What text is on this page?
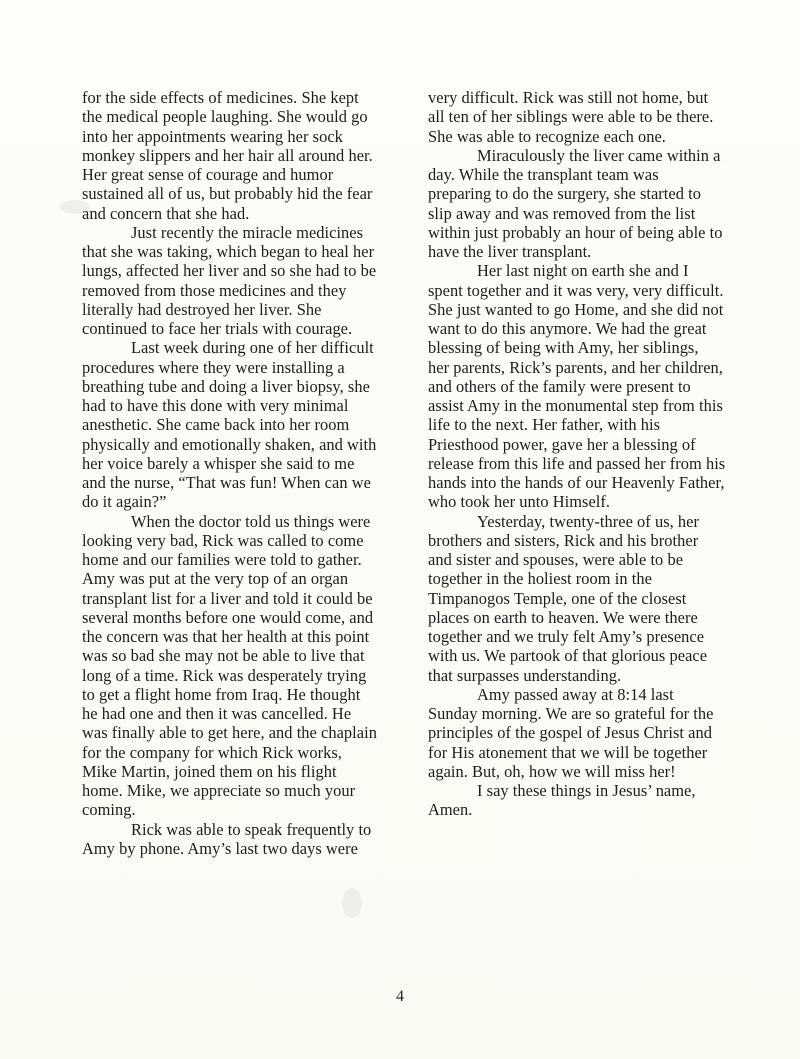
for the side effects of medicines. She kept
the medical people laughing. She would go
into her appointments wearing her sock
monkey slippers and her hair all around her.
Her great sense of courage and humor
sustained all of us, but probably hid the fear
and concern that she had.
Just recently the miracle medicines
that she was taking, which began to heal her
lungs, affected her liver and so she had to be
removed from those medicines and they
literally had destroyed her liver. She
continued to face her trials with courage.
Last week during one of her difficult
procedures where they were installing a
breathing tube and doing a liver biopsy, she
had to have this done with very minimal
anesthetic. She came back into her room
physically and emotionally shaken, and with
her voice barely a whisper she said to me
and the nurse, “That was fun! When can we
do it again?”
When the doctor told us things were
looking very bad, Rick was called to come
home and our families were told to gather.
Amy was put at the very top of an organ
transplant list for a liver and told it could be
several months before one would come, and
the concern was that her health at this point
was so bad she may not be able to live that
long of a time. Rick was desperately trying
to get a flight home from Iraq. He thought
he had one and then it was cancelled. He
was finally able to get here, and the chaplain
for the company for which Rick works,
Mike Martin, joined them on his flight
home. Mike, we appreciate so much your
coming.
Rick was able to speak frequently to
Amy by phone. Amy’s last two days were
very difficult. Rick was still not home, but
all ten of her siblings were able to be there.
She was able to recognize each one.
Miraculously the liver came within a
day. While the transplant team was
preparing to do the surgery, she started to
slip away and was removed from the list
within just probably an hour of being able to
have the liver transplant.
Her last night on earth she and I
spent together and it was very, very difficult.
She just wanted to go Home, and she did not
want to do this anymore. We had the great
blessing of being with Amy, her siblings,
her parents, Rick’s parents, and her children,
and others of the family were present to
assist Amy in the monumental step from this
life to the next. Her father, with his
Priesthood power, gave her a blessing of
release from this life and passed her from his
hands into the hands of our Heavenly Father,
who took her unto Himself.
Yesterday, twenty-three of us, her
brothers and sisters, Rick and his brother
and sister and spouses, were able to be
together in the holiest room in the
Timpanogos Temple, one of the closest
places on earth to heaven. We were there
together and we truly felt Amy’s presence
with us. We partook of that glorious peace
that surpasses understanding.
Amy passed away at 8:14 last
Sunday morning. We are so grateful for the
principles of the gospel of Jesus Christ and
for His atonement that we will be together
again. But, oh, how we will miss her!
I say these things in Jesus’ name,
Amen.
4
